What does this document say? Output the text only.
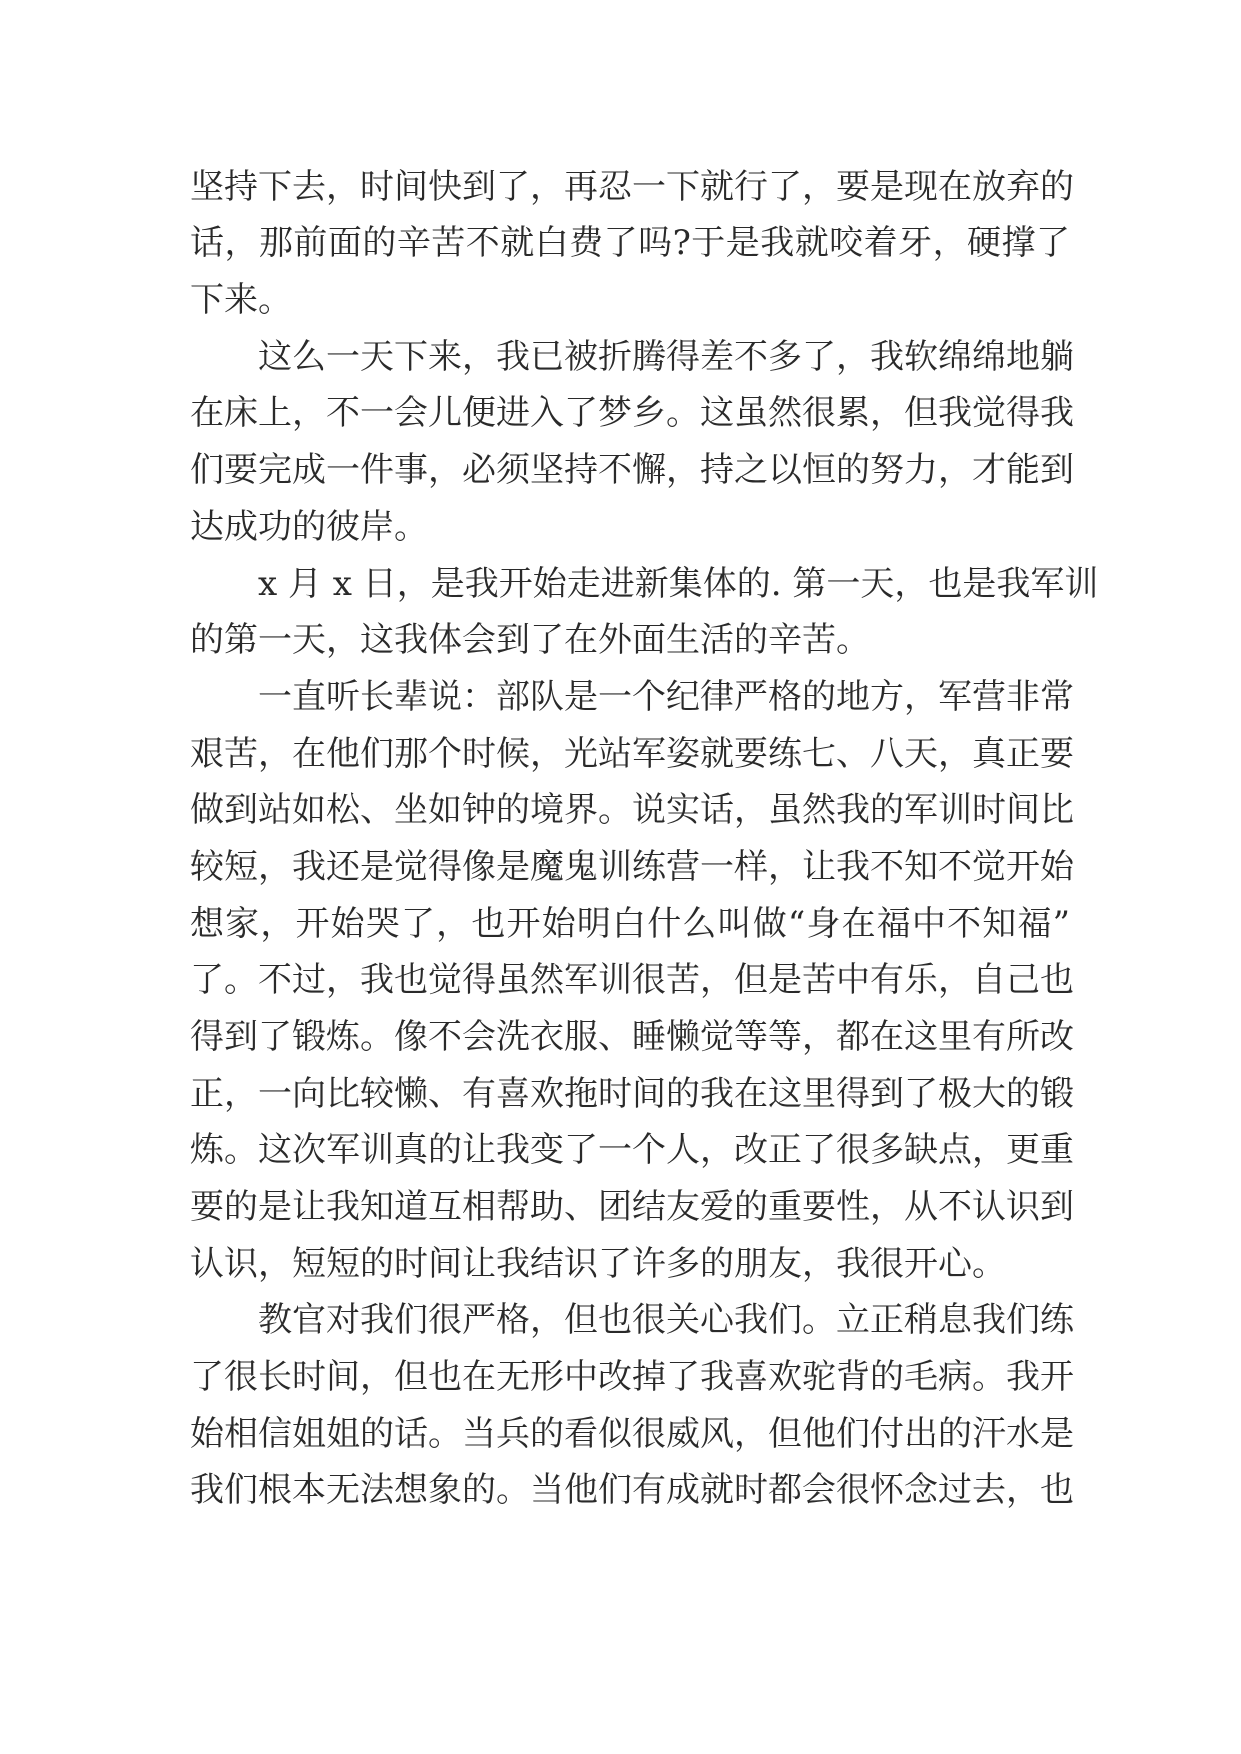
坚持下去，时间快到了，再忍一下就行了，要是现在放弃的
话，那前面的辛苦不就白费了吗?于是我就咬着牙，硬撑了
下来。
这么一天下来，我已被折腾得差不多了，我软绵绵地躺
在床上，不一会儿便进入了梦乡。这虽然很累，但我觉得我
们要完成一件事，必须坚持不懈，持之以恒的努力，才能到
达成功的彼岸。
x 月 x 日，是我开始走进新集体的. 第一天，也是我军训
的第一天，这我体会到了在外面生活的辛苦。
一直听长辈说：部队是一个纪律严格的地方，军营非常
艰苦，在他们那个时候，光站军姿就要练七、八天，真正要
做到站如松、坐如钟的境界。说实话，虽然我的军训时间比
较短，我还是觉得像是魔鬼训练营一样，让我不知不觉开始
想家，开始哭了，也开始明白什么叫做“身在福中不知福”
了。不过，我也觉得虽然军训很苦，但是苦中有乐，自己也
得到了锻炼。像不会洗衣服、睡懒觉等等，都在这里有所改
正，一向比较懒、有喜欢拖时间的我在这里得到了极大的锻
炼。这次军训真的让我变了一个人，改正了很多缺点，更重
要的是让我知道互相帮助、团结友爱的重要性，从不认识到
认识，短短的时间让我结识了许多的朋友，我很开心。
教官对我们很严格，但也很关心我们。立正稍息我们练
了很长时间，但也在无形中改掉了我喜欢驼背的毛病。我开
始相信姐姐的话。当兵的看似很威风，但他们付出的汗水是
我们根本无法想象的。当他们有成就时都会很怀念过去，也
